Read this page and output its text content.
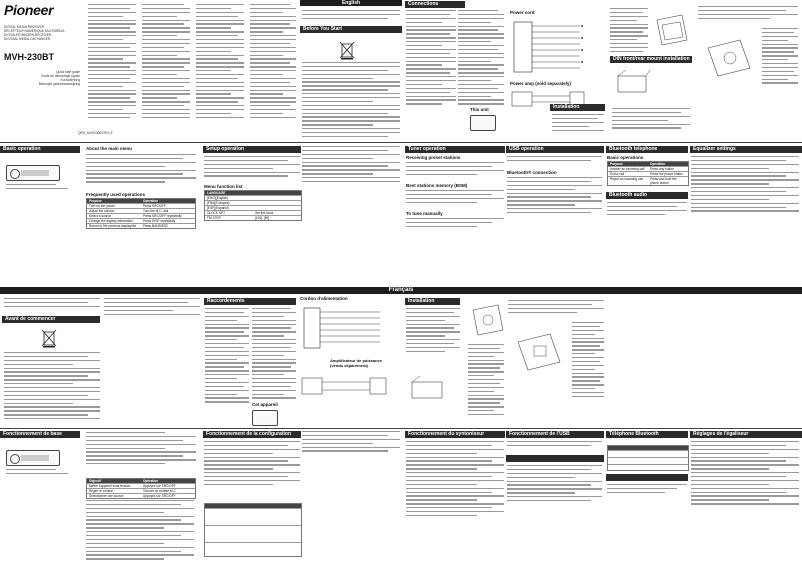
Pioneer
DIGITAL MEDIA RECEIVER
RÉCEPTEUR NUMÉRIQUE MULTIMÉDIA
DIGITALER MEDIEN-RECEIVER
DIGITAAL MEDIA-ONTVANGER
MVH-230BT
Quick start guide
Guide de démarrage rapide
Kurzanleitung
Beknopte gebruiksaanwijzing
QRG_MVH230BT/EN_E
English
Before You Start
Connections
This unit
Power cord
Power amp (sold separately)
Installation
DIN front/rear mount installation
Basic operation	About the main menu
Frequently used operations
Purpose	Operation
Turn on the power	Press SRC/OFF
Adjust the volume	Turn the M.C. dial
Select a source	Press SRC/OFF repeatedly
Change the display information	Press DISP repeatedly
Return to the previous display/list	Press BAND/ESC
Setup operation
Menu function list
LANGUAGE
[ENG](English)
[FRA](Français)
[ESP](Español)
CLOCK SET	Set the clock.
FM STEP	[100], [50]
Tuner operation
Receiving preset stations
Best stations memory (BSM)
To tune manually
USB operation
Bluetooth® connection
Bluetooth telephone
Basic operations
Purpose	Operation
Answer an incoming call	Press any button
End a call	Press the phone button
Reject an incoming call	Press and hold the phone button
Bluetooth audio
Equalizer settings
Français
Avant de commencer
Raccordements
Cet appareil
Cordon d'alimentation
Amplificateur de puissance (vendu séparément)
Installation
Fonctionnement de base
Objectif	Opération
Mettre l'appareil sous tension	Appuyez sur SRC/OFF
Régler le volume	Tournez la molette M.C.
Sélectionner une source	Appuyez sur SRC/OFF
Fonctionnement de la configuration	Fonctionnement du syntoniseur	Fonctionnement de l'USB	Téléphone Bluetooth	Réglages de l'égaliseur
